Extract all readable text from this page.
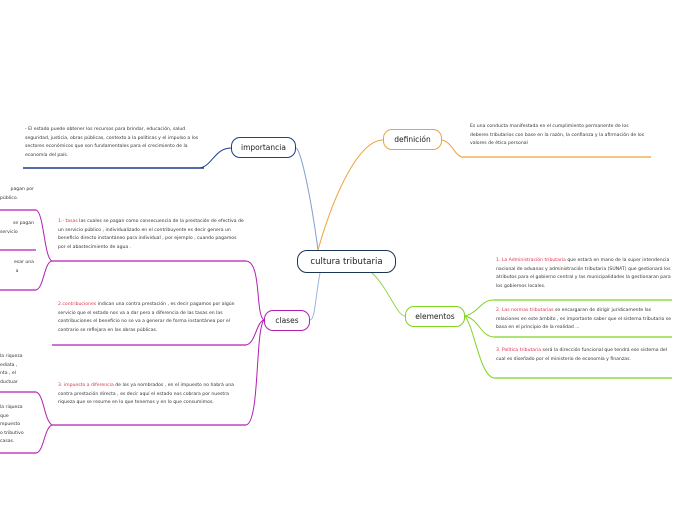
cultura tributaria
importancia
definición
elementos
clases
- El estado puede obtener los recursos para brindar, educación, salud seguridad, justicia, obras públicas, contexto a la políticas y el impulso a los sectores económicos que son fundamentales para el crecimiento de la economía del país.
Es una conducta manifestada en el cumplimiento permanente de los deberes tributarios con base en la razón, la confianza y la afirmación de los valores de ética personal
1. La Administración tributaria que estará en mano de la super intendencia nacional de aduanas y administración tributaria (SUNAT) que gestionará los atributos para el gobierno central y las municipalidades la gestionaran para los gobiernos locales.
2. Las normas tributarias se encargaran de dirigir jurídicamente las relaciones en este ámbito , es importante saber que el sistema tributario se basa en el principio de la realidad ...
3. Política tributaria será la dirección funcional que tendrá ese sistema del cual es diseñado por el ministerio de economía y finanzas.
1.- tasas las cuales se pagan como consecuencia de la prestación de efectiva de un servicio público , individualizado en el contribuyente es decir genera un beneficio directo instantáneo para individual , por ejemplo , cuando pagamos por el abastecimiento de agua .
2.contribuciones indican una contra prestación , es decir pagamos por algún servicio que el estado nos va a dar pero a diferencia de las tasas en las contribuciones el beneficio no se va a generar de forma instantánea por el contrario se reflejara en las obras públicas.
3. impuesto a diferencia de los ya nombrados , en el impuesto no habrá una contra prestación directa , es decir aquí el estado nos cobrara por nuestra riqueza que se resume en lo que tenemos y en lo que consumimos.
pagan por
público.
se pagan
servicio
esar una
a
la riqueza
ediata ,
nta , el
ductuar
la riqueza
que
mpuesto
o tributivo
casas.
